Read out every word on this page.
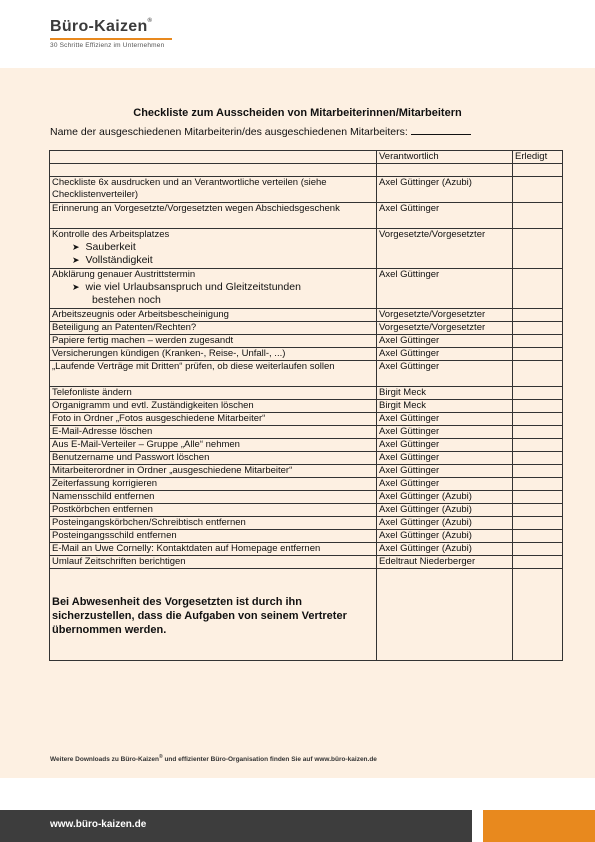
Büro-Kaizen®
30 Schritte Effizienz im Unternehmen
Checkliste zum Ausscheiden von Mitarbeiterinnen/Mitarbeitern
Name der ausgeschiedenen Mitarbeiterin/des ausgeschiedenen Mitarbeiters:
	Verantwortlich	Erledigt

Checkliste 6x ausdrucken und an Verantwortliche verteilen (siehe Checklistenverteiler)	Axel Güttinger (Azubi)	
Erinnerung an Vorgesetzte/Vorgesetzten wegen Abschiedsgeschenk	Axel Güttinger	
Kontrolle des Arbeitsplatzes
➤ Sauberkeit
➤ Vollständigkeit	Vorgesetzte/Vorgesetzter	
Abklärung genauer Austrittstermin
➤ wie viel Urlaubsanspruch und Gleitzeitstunden
bestehen noch	Axel Güttinger	
Arbeitszeugnis oder Arbeitsbescheinigung	Vorgesetzte/Vorgesetzter	
Beteiligung an Patenten/Rechten?	Vorgesetzte/Vorgesetzter	
Papiere fertig machen – werden zugesandt	Axel Güttinger	
Versicherungen kündigen (Kranken-, Reise-, Unfall-, ...)	Axel Güttinger	
„Laufende Verträge mit Dritten“ prüfen, ob diese weiterlaufen sollen	Axel Güttinger	
Telefonliste ändern	Birgit Meck	
Organigramm und evtl. Zuständigkeiten löschen	Birgit Meck	
Foto in Ordner „Fotos ausgeschiedene Mitarbeiter“	Axel Güttinger	
E-Mail-Adresse löschen	Axel Güttinger	
Aus E-Mail-Verteiler – Gruppe „Alle“ nehmen	Axel Güttinger	
Benutzername und Passwort löschen	Axel Güttinger	
Mitarbeiterordner in Ordner „ausgeschiedene Mitarbeiter“	Axel Güttinger	
Zeiterfassung korrigieren	Axel Güttinger	
Namensschild entfernen	Axel Güttinger (Azubi)	
Postkörbchen entfernen	Axel Güttinger (Azubi)	
Posteingangskörbchen/Schreibtisch entfernen	Axel Güttinger (Azubi)	
Posteingangsschild entfernen	Axel Güttinger (Azubi)	
E-Mail an Uwe Cornelly: Kontaktdaten auf Homepage entfernen	Axel Güttinger (Azubi)	
Umlauf Zeitschriften berichtigen	Edeltraut Niederberger	

Bei Abwesenheit des Vorgesetzten ist durch ihn sicherzustellen, dass die Aufgaben von seinem Vertreter übernommen werden.		

Weitere Downloads zu Büro-Kaizen® und effizienter Büro-Organisation finden Sie auf www.büro-kaizen.de
www.büro-kaizen.de
